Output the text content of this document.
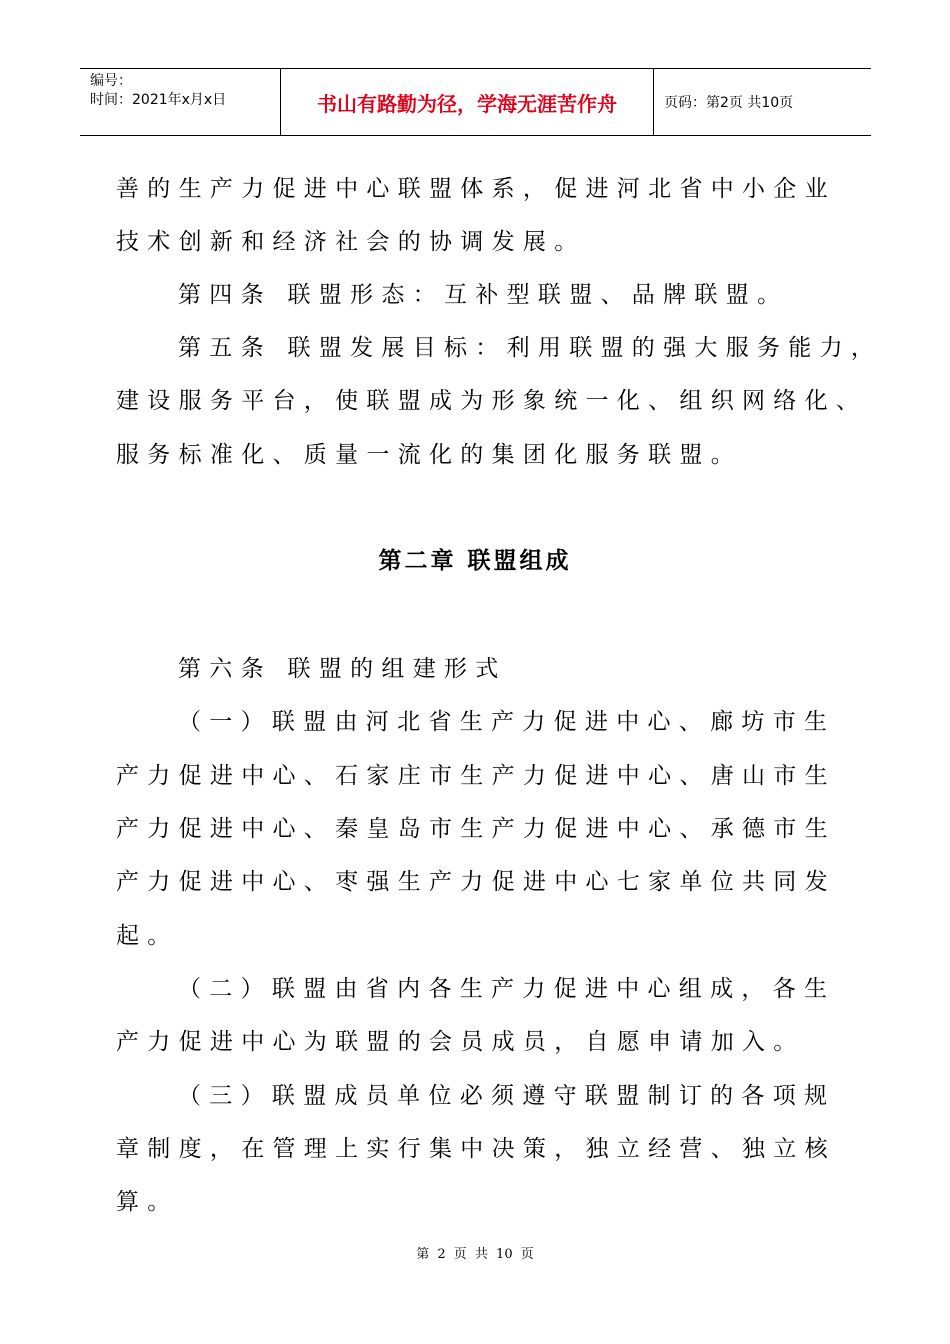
编号：
时间：2021年x月x日	书山有路勤为径，学海无涯苦作舟	页码：第2页 共10页
善的生产力促进中心联盟体系，促进河北省中小企业
技术创新和经济社会的协调发展。
第四条 联盟形态：互补型联盟、品牌联盟。
第五条 联盟发展目标：利用联盟的强大服务能力，
建设服务平台，使联盟成为形象统一化、组织网络化、
服务标准化、质量一流化的集团化服务联盟。
第二章 联盟组成
第六条 联盟的组建形式
（一）联盟由河北省生产力促进中心、廊坊市生
产力促进中心、石家庄市生产力促进中心、唐山市生
产力促进中心、秦皇岛市生产力促进中心、承德市生
产力促进中心、枣强生产力促进中心七家单位共同发
起。
（二）联盟由省内各生产力促进中心组成，各生
产力促进中心为联盟的会员成员，自愿申请加入。
（三）联盟成员单位必须遵守联盟制订的各项规
章制度，在管理上实行集中决策，独立经营、独立核
算。
第 2 页 共 10 页
